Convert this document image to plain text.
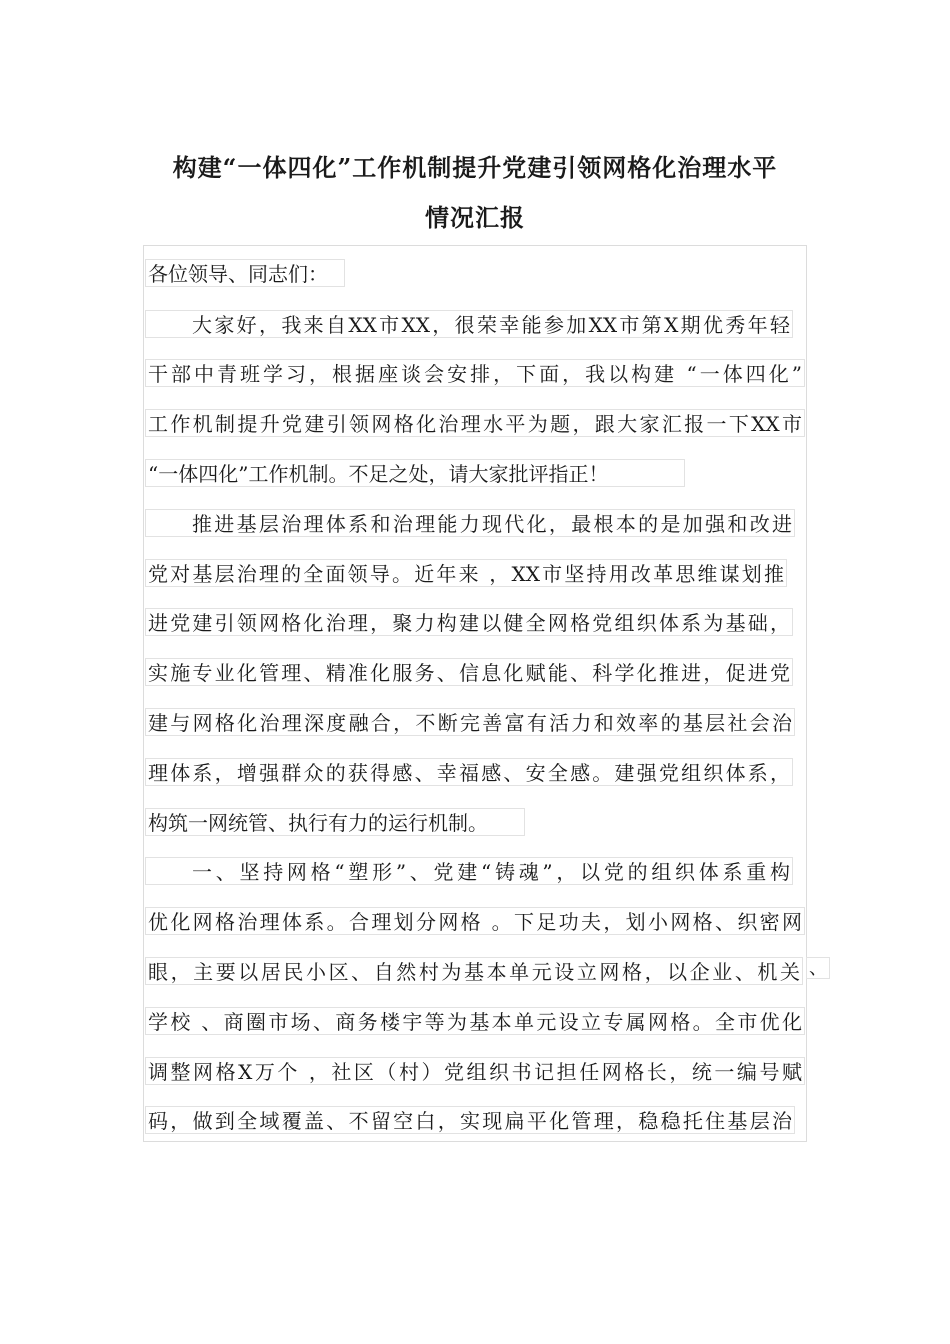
构建“一体四化”工作机制提升党建引领网格化治理水平
情况汇报
各位领导、同志们：
大家好，我来自XX市XX，很荣幸能参加XX市第X期优秀年轻
干部中青班学习，根据座谈会安排，下面，我以构建 “一体四化”
工作机制提升党建引领网格化治理水平为题，跟大家汇报一下XX市
“一体四化”工作机制。不足之处，请大家批评指正！
推进基层治理体系和治理能力现代化，最根本的是加强和改进
党对基层治理的全面领导。近年来 ，XX市坚持用改革思维谋划推
进党建引领网格化治理，聚力构建以健全网格党组织体系为基础，
实施专业化管理、精准化服务、信息化赋能、科学化推进，促进党
建与网格化治理深度融合，不断完善富有活力和效率的基层社会治
理体系，增强群众的获得感、幸福感、安全感。建强党组织体系，
构筑一网统管、执行有力的运行机制。
一、坚持网格“塑形”、党建“铸魂”，以党的组织体系重构
优化网格治理体系。合理划分网格 。下足功夫，划小网格、织密网
眼，主要以居民小区、自然村为基本单元设立网格，以企业、机关 、
学校 、商圈市场、商务楼宇等为基本单元设立专属网格。全市优化
调整网格X万个 ，社区（村）党组织书记担任网格长，统一编号赋
码，做到全域覆盖、不留空白，实现扁平化管理，稳稳托住基层治
